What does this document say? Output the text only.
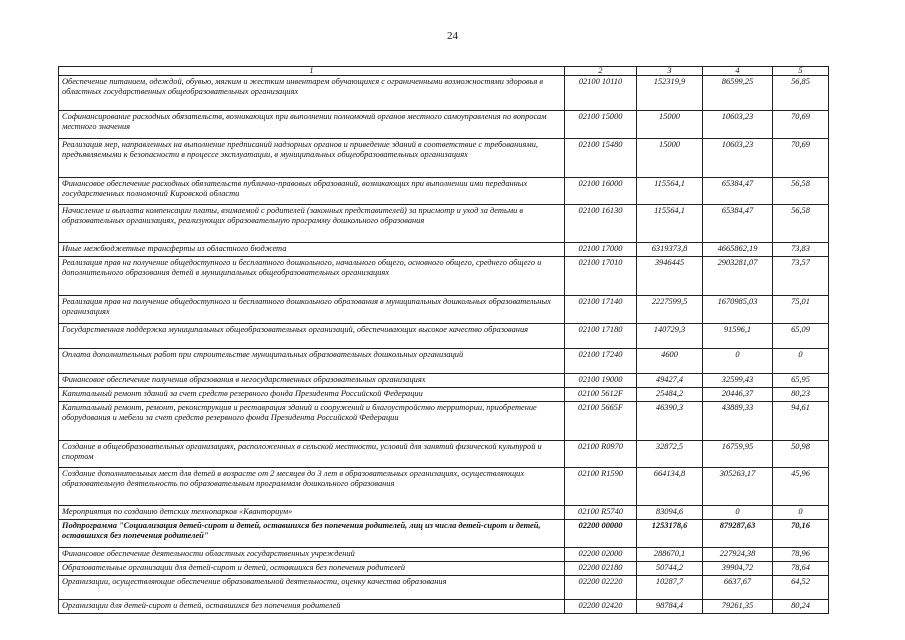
24
1	2	3	4	5
Обеспечение питанием, одеждой, обувью, мягким и жестким инвентарем обучающихся с ограниченными возможностями здоровья в областных государственных общеобразовательных организациях	02100 10110	152319,9	86599,25	56,85
Софинансирование расходных обязательств, возникающих при выполнении полномочий органов местного самоуправления по вопросам местного значения	02100 15000	15000	10603,23	70,69
Реализация мер, направленных на выполнение предписаний надзорных органов и приведение зданий в соответствие с требованиями, предъявляемыми к безопасности в процессе эксплуатации, в муниципальных общеобразовательных организациях	02100 15480	15000	10603,23	70,69
Финансовое обеспечение расходных обязательств публично-правовых образований, возникающих при выполнении ими переданных государственных полномочий Кировской области	02100 16000	115564,1	65384,47	56,58
Начисление и выплата компенсации платы, взимаемой с родителей (законных представителей) за присмотр и уход за детьми в образовательных организациях, реализующих образовательную программу дошкольного образования	02100 16130	115564,1	65384,47	56,58
Иные межбюджетные трансферты из областного бюджета	02100 17000	6319373,8	4665862,19	73,83
Реализация прав на получение общедоступного и бесплатного дошкольного, начального общего, основного общего, среднего общего и дополнительного образования детей в муниципальных общеобразовательных организациях	02100 17010	3946445	2903281,07	73,57
Реализация прав на получение общедоступного и бесплатного дошкольного образования в муниципальных дошкольных образовательных организациях	02100 17140	2227599,5	1670985,03	75,01
Государственная поддержка муниципальных общеобразовательных организаций, обеспечивающих высокое качество образования	02100 17180	140729,3	91596,1	65,09
Оплата дополнительных работ при строительстве муниципальных образовательных дошкольных организаций	02100 17240	4600	0	0
Финансовое обеспечение получения образования в негосударственных образовательных организациях	02100 19000	49427,4	32599,43	65,95
Капитальный ремонт зданий за счет средств резервного фонда Президента Российской Федерации	02100 5612F	25484,2	20446,37	80,23
Капитальный ремонт, ремонт, реконструкция и реставрация зданий и сооружений и благоустройство территории, приобретение оборудования и мебели за счет средств резервного фонда Президента Российской Федерации	02100 5665F	46390,3	43889,33	94,61
Создание в общеобразовательных организациях, расположенных в сельской местности, условий для занятий физической культурой и спортом	02100 R0970	32872,5	16759,95	50,98
Создание дополнительных мест для детей в возрасте от 2 месяцев до 3 лет в образовательных организациях, осуществляющих образовательную деятельность по образовательным программам дошкольного образования	02100 R1590	664134,8	305263,17	45,96
Мероприятия по созданию детских технопарков «Кванториум»	02100 R5740	83094,6	0	0
Подпрограмма "Социализация детей-сирот и детей, оставшихся без попечения родителей, лиц из числа детей-сирот и детей, оставшихся без попечения родителей"	02200 00000	1253178,6	879287,63	70,16
Финансовое обеспечение деятельности областных государственных учреждений	02200 02000	288670,1	227924,38	78,96
Образовательные организации для детей-сирот и детей, оставшихся без попечения родителей	02200 02180	50744,2	39904,72	78,64
Организации, осуществляющие обеспечение образовательной деятельности, оценку качества образования	02200 02220	10287,7	6637,67	64,52
Организации для детей-сирот и детей, оставшихся без попечения родителей	02200 02420	98784,4	79261,35	80,24
